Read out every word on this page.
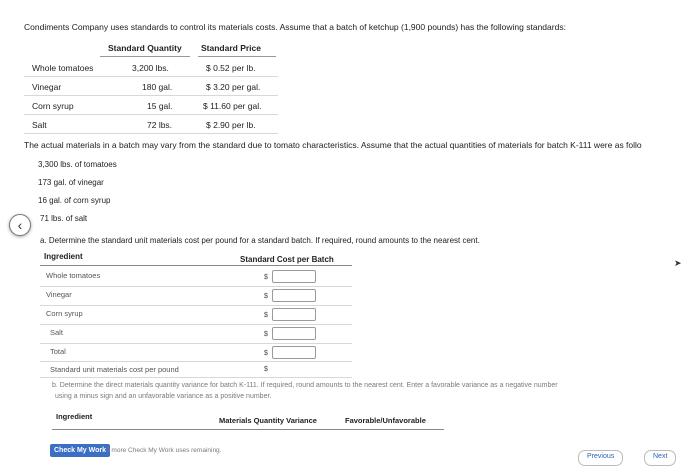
Condiments Company uses standards to control its materials costs. Assume that a batch of ketchup (1,900 pounds) has the following standards:
Standard Quantity Standard Price
Whole tomatoes	3,200 lbs.	$ 0.52 per lb.
Vinegar	180 gal.	$ 3.20 per gal.
Corn syrup	15 gal.	$ 11.60 per gal.
Salt	72 lbs.	$ 2.90 per lb.
The actual materials in a batch may vary from the standard due to tomato characteristics. Assume that the actual quantities of materials for batch K-111 were as follo
3,300 lbs. of tomatoes
173 gal. of vinegar
16 gal. of corn syrup
71 lbs. of salt
‹
a. Determine the standard unit materials cost per pound for a standard batch. If required, round amounts to the nearest cent.
Ingredient	Standard Cost per Batch	➤
Whole tomatoes	$
Vinegar	$
Corn syrup	$
Salt	$
Total	$
Standard unit materials cost per pound	$
b. Determine the direct materials quantity variance for batch K-111. If required, round amounts to the nearest cent. Enter a favorable variance as a negative number
using a minus sign and an unfavorable variance as a positive number.
Ingredient	Materials Quantity Variance	Favorable/Unfavorable
Check My Work 5 more Check My Work uses remaining.
Previous	Next
